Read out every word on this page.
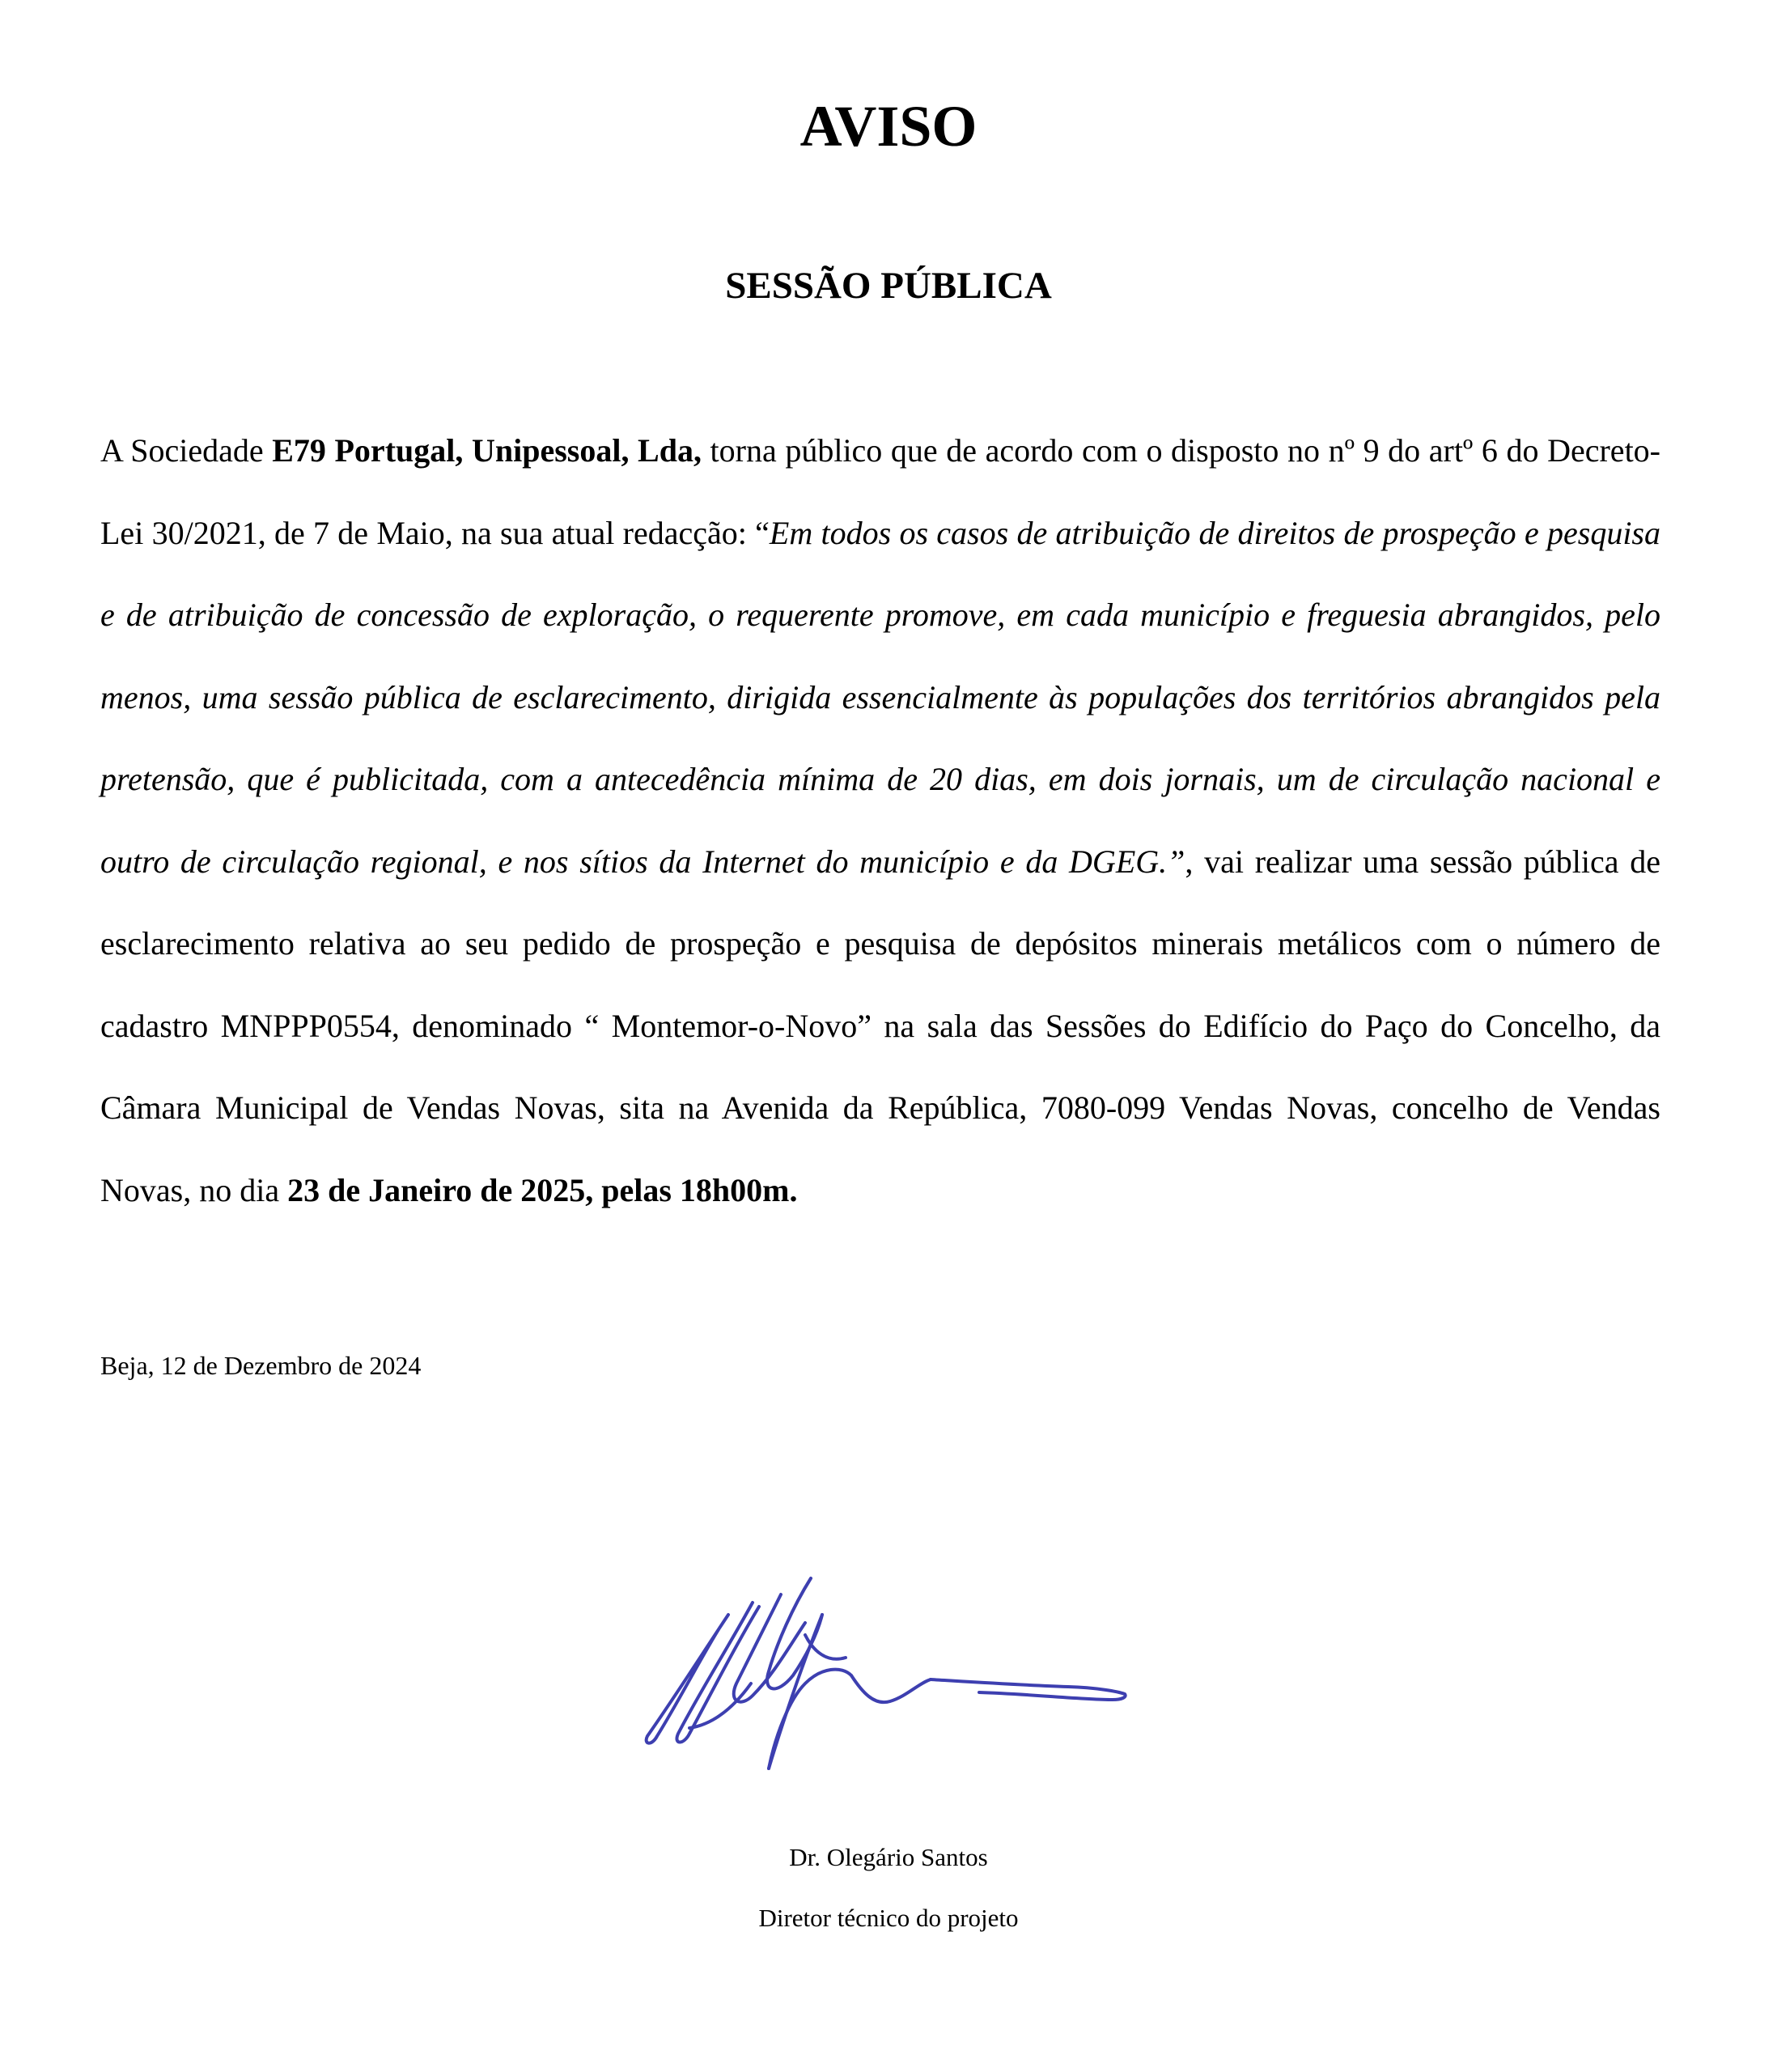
AVISO
SESSÃO PÚBLICA

A Sociedade E79 Portugal, Unipessoal, Lda, torna público que de acordo com o disposto no nº 9 do artº 6 do Decreto-Lei 30/2021, de 7 de Maio, na sua atual redacção: “Em todos os casos de atribuição de direitos de prospeção e pesquisa e de atribuição de concessão de exploração, o requerente promove, em cada município e freguesia abrangidos, pelo menos, uma sessão pública de esclarecimento, dirigida essencialmente às populações dos territórios abrangidos pela pretensão, que é publicitada, com a antecedência mínima de 20 dias, em dois jornais, um de circulação nacional e outro de circulação regional, e nos sítios da Internet do município e da DGEG.”, vai realizar uma sessão pública de esclarecimento relativa ao seu pedido de prospeção e pesquisa de depósitos minerais metálicos com o número de cadastro MNPPP0554, denominado “ Montemor-o-Novo” na sala das Sessões do Edifício do Paço do Concelho, da Câmara Municipal de Vendas Novas, sita na Avenida da República, 7080-099 Vendas Novas, concelho de Vendas Novas, no dia 23 de Janeiro de 2025, pelas 18h00m.

Beja, 12 de Dezembro de 2024

Dr. Olegário Santos

Diretor técnico do projeto
